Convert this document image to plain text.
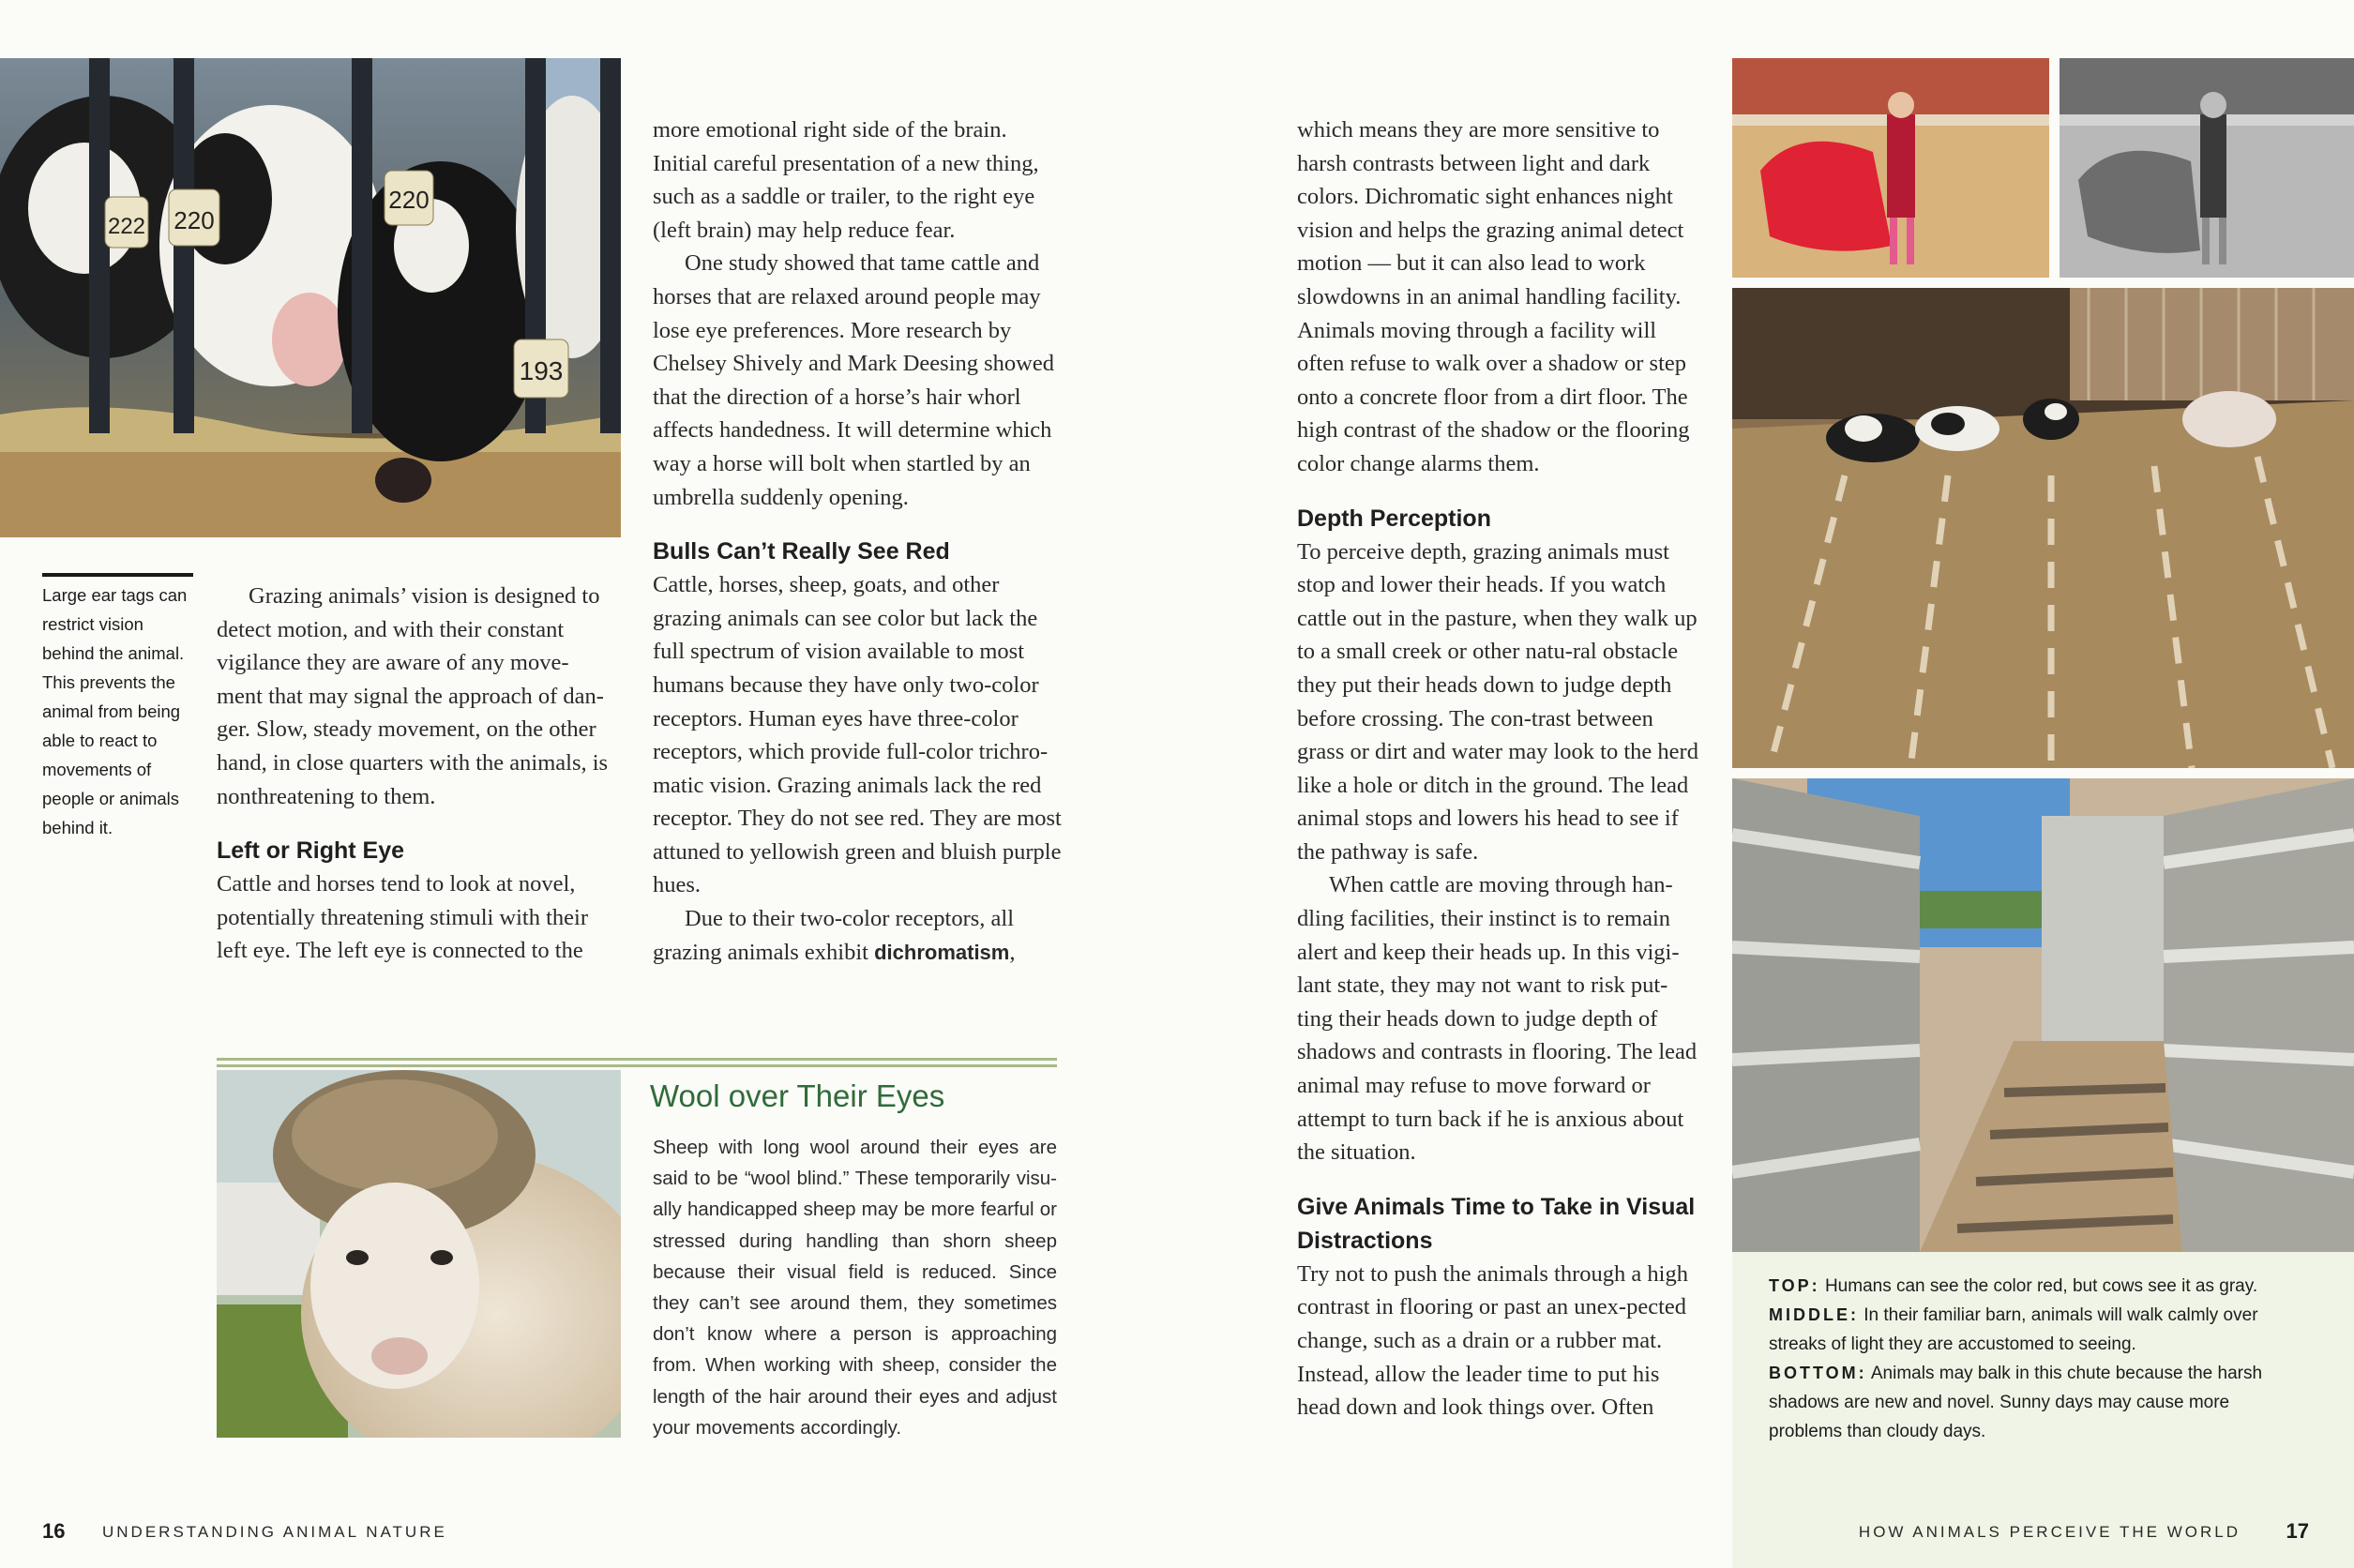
222 220
220
193
Large ear tags can restrict vision behind the animal. This prevents the animal from being able to react to movements of people or animals behind it.

Grazing animals’ vision is designed to detect motion, and with their constant vigilance they are aware of any move-ment that may signal the approach of dan-ger. Slow, steady movement, on the other hand, in close quarters with the animals, is nonthreatening to them.

Left or Right Eye

Cattle and horses tend to look at novel, potentially threatening stimuli with their left eye. The left eye is connected to the

more emotional right side of the brain. Initial careful presentation of a new thing, such as a saddle or trailer, to the right eye (left brain) may help reduce fear.

One study showed that tame cattle and horses that are relaxed around people may lose eye preferences. More research by Chelsey Shively and Mark Deesing showed that the direction of a horse’s hair whorl affects handedness. It will determine which way a horse will bolt when startled by an umbrella suddenly opening.

Bulls Can’t Really See Red

Cattle, horses, sheep, goats, and other grazing animals can see color but lack the full spectrum of vision available to most humans because they have only two-color receptors. Human eyes have three-color receptors, which provide full-color trichro-matic vision. Grazing animals lack the red receptor. They do not see red. They are most attuned to yellowish green and bluish purple hues.

Due to their two-color receptors, all grazing animals exhibit dichromatism,

Wool over Their Eyes
Sheep with long wool around their eyes are said to be “wool blind.” These temporarily visu-ally handicapped sheep may be more fearful or stressed during handling than shorn sheep because their visual field is reduced. Since they can’t see around them, they sometimes don’t know where a person is approaching from. When working with sheep, consider the length of the hair around their eyes and adjust your movements accordingly.
16 UNDERSTANDING ANIMAL NATURE

which means they are more sensitive to harsh contrasts between light and dark colors. Dichromatic sight enhances night vision and helps the grazing animal detect motion — but it can also lead to work slowdowns in an animal handling facility. Animals moving through a facility will often refuse to walk over a shadow or step onto a concrete floor from a dirt floor. The high contrast of the shadow or the flooring color change alarms them.

Depth Perception

To perceive depth, grazing animals must stop and lower their heads. If you watch cattle out in the pasture, when they walk up to a small creek or other natu-ral obstacle they put their heads down to judge depth before crossing. The con-trast between grass or dirt and water may look to the herd like a hole or ditch in the ground. The lead animal stops and lowers his head to see if the pathway is safe.

When cattle are moving through han-dling facilities, their instinct is to remain alert and keep their heads up. In this vigi-lant state, they may not want to risk put-ting their heads down to judge depth of shadows and contrasts in flooring. The lead animal may refuse to move forward or attempt to turn back if he is anxious about the situation.

Give Animals Time to Take in Visual Distractions

Try not to push the animals through a high contrast in flooring or past an unex-pected change, such as a drain or a rubber mat. Instead, allow the leader time to put his head down and look things over. Often

TOP: Humans can see the color red, but cows see it as gray.
MIDDLE: In their familiar barn, animals will walk calmly over streaks of light they are accustomed to seeing.
BOTTOM: Animals may balk in this chute because the harsh shadows are new and novel. Sunny days may cause more problems than cloudy days.
HOW ANIMALS PERCEIVE THE WORLD 17
